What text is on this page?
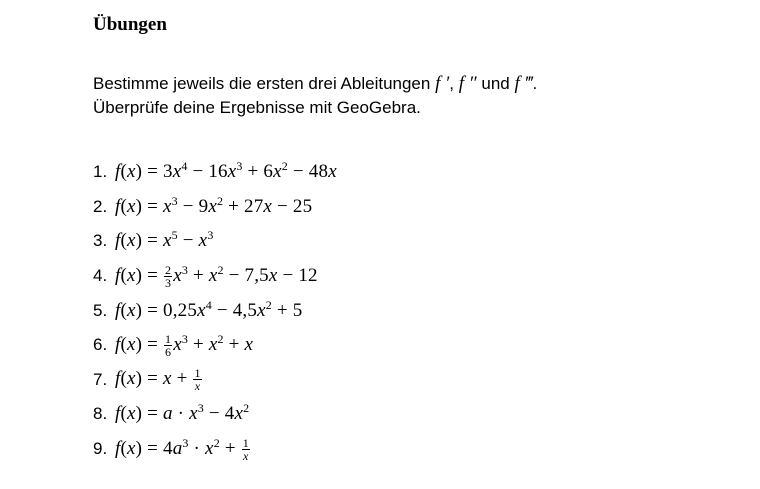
Übungen
Bestimme jeweils die ersten drei Ableitungen f ′, f ″ und f ‴.
Überprüfe deine Ergebnisse mit GeoGebra.
1. $f(x) = 3x^4 - 16x^3 + 6x^2 - 48x$
2. $f(x) = x^3 - 9x^2 + 27x - 25$
3. $f(x) = x^5 - x^3$
4. $f(x) = \frac{2}{3} x^3 + x^2 - 7,5x - 12$
5. $f(x) = 0,25x^4 - 4,5x^2 + 5$
6. $f(x) = \frac{1}{6} x^3 + x^2 + x$
7. $f(x) = x + \frac{1}{x}$
8. $f(x) = a \cdot x^3 - 4x^2$
9. $f(x) = 4a^3 \cdot x^2 + \frac{1}{x}$
